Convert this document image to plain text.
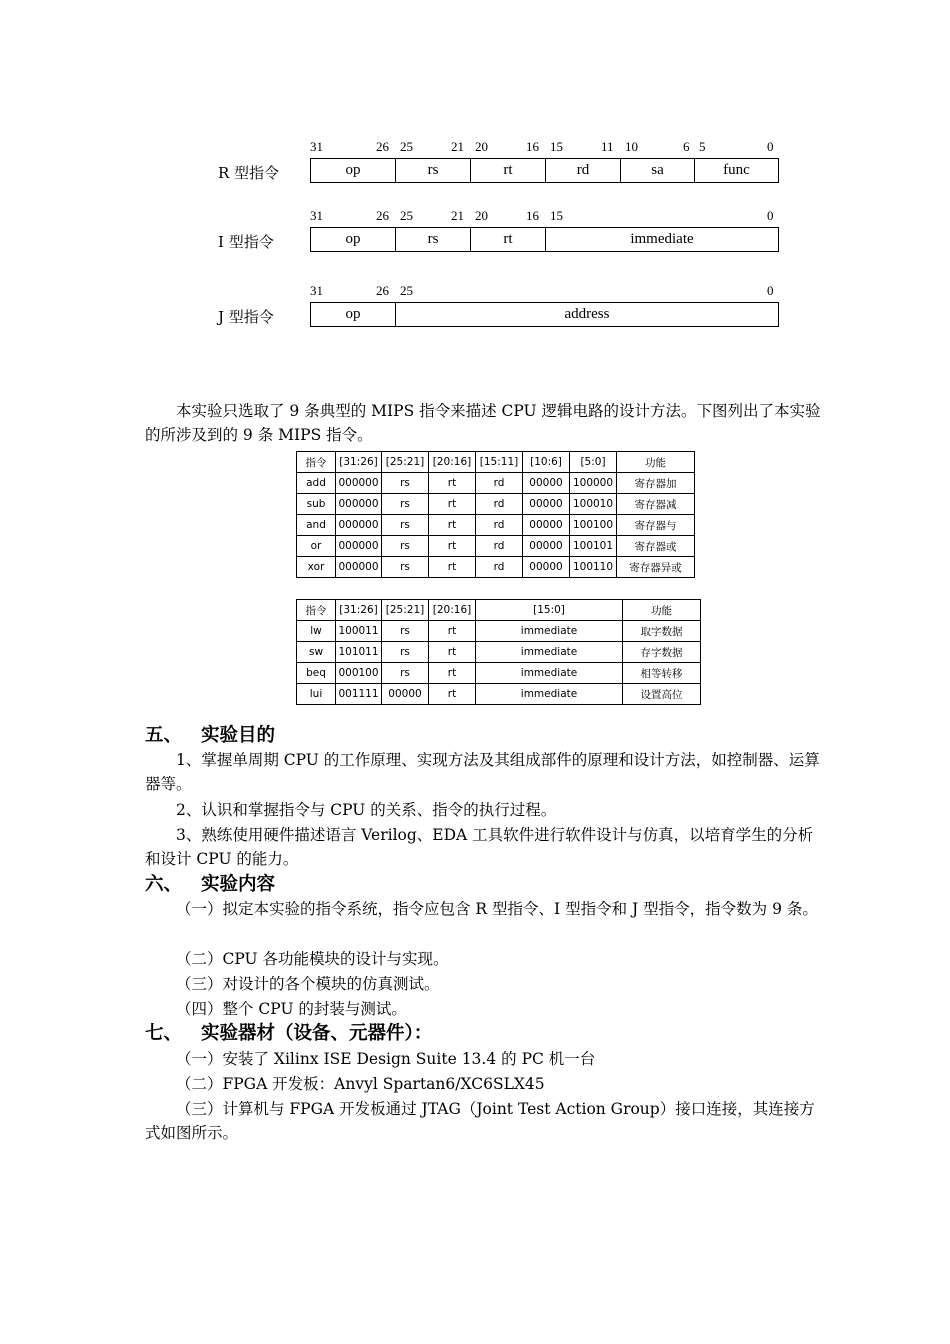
R 型指令
31	26 25	21 20	16 15	11 10	6 5	0
op	rs	rt	rd	sa	func
I 型指令
31	26 25	21 20	16 15	0
op	rs	rt	immediate
J 型指令
31	26 25	0
op	address
本实验只选取了 9 条典型的 MIPS 指令来描述 CPU 逻辑电路的设计方法。下图列出了本实验的所涉及到的 9 条 MIPS 指令。
指令	[31:26]	[25:21]	[20:16]	[15:11]	[10:6]	[5:0]	功能
add	000000	rs	rt	rd	00000	100000	寄存器加
sub	000000	rs	rt	rd	00000	100010	寄存器减
and	000000	rs	rt	rd	00000	100100	寄存器与
or	000000	rs	rt	rd	00000	100101	寄存器或
xor	000000	rs	rt	rd	00000	100110	寄存器异或
指令	[31:26]	[25:21]	[20:16]	[15:0]	功能
lw	100011	rs	rt	immediate	取字数据
sw	101011	rs	rt	immediate	存字数据
beq	000100	rs	rt	immediate	相等转移
lui	001111	00000	rt	immediate	设置高位
五、 实验目的
1、掌握单周期 CPU 的工作原理、实现方法及其组成部件的原理和设计方法，如控制器、运算器等。
2、认识和掌握指令与 CPU 的关系、指令的执行过程。
3、熟练使用硬件描述语言 Verilog、EDA 工具软件进行软件设计与仿真，以培育学生的分析和设计 CPU 的能力。
六、 实验内容
（一）拟定本实验的指令系统，指令应包含 R 型指令、I 型指令和 J 型指令，指令数为 9 条。
（二）CPU 各功能模块的设计与实现。
（三）对设计的各个模块的仿真测试。
（四）整个 CPU 的封装与测试。
七、 实验器材（设备、元器件）：
（一）安装了 Xilinx ISE Design Suite 13.4 的 PC 机一台
（二）FPGA 开发板：Anvyl Spartan6/XC6SLX45
（三）计算机与 FPGA 开发板通过 JTAG（Joint Test Action Group）接口连接，其连接方式如图所示。
